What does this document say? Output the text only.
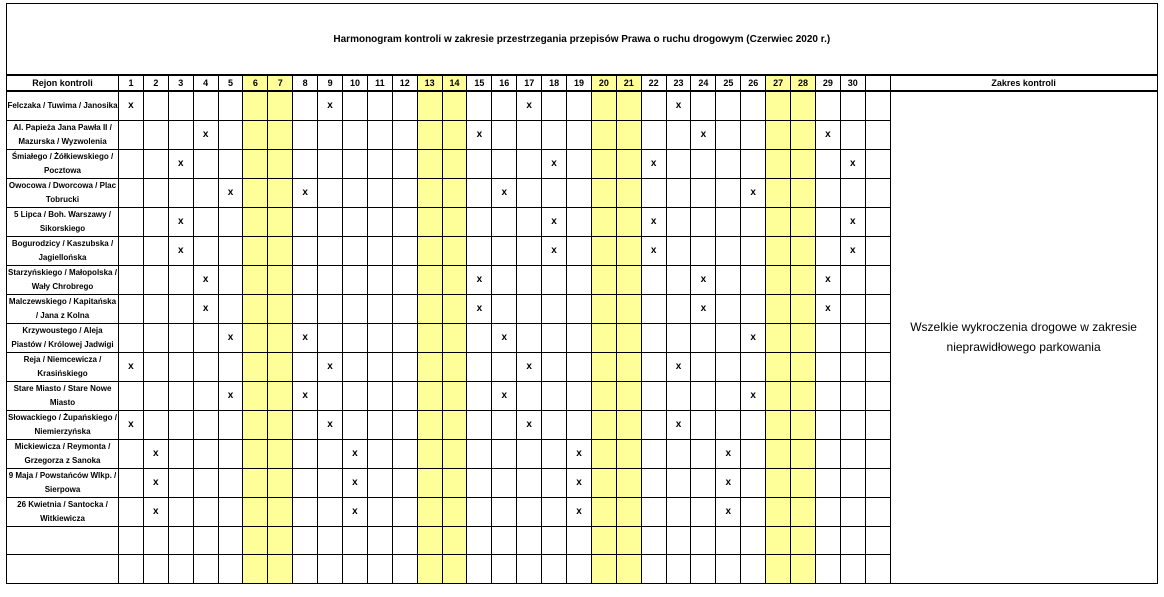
Harmonogram kontroli w zakresie przestrzegania przepisów Prawa o ruchu drogowym (Czerwiec 2020 r.)																																
Rejon kontroli	1	2	3	4	5	6	7	8	9	10	11	12	13	14	15	16	17	18	19	20	21	22	23	24	25	26	27	28	29	30		Zakres kontroli
Felczaka / Tuwima / Janosika	x								x								x						x									Wszelkie wykroczenia drogowe w zakresie nieprawidłowego parkowania
Al. Papieża Jana Pawła II / Mazurska / Wyzwolenia				x											x									x					x			
Śmiałego / Żółkiewskiego / Pocztowa			x															x				x								x		
Owocowa / Dworcowa / Plac Tobrucki					x			x								x										x						
5 Lipca / Boh. Warszawy / Sikorskiego			x															x				x								x		
Bogurodzicy / Kaszubska / Jagiellońska			x															x				x								x		
Starzyńskiego / Małopolska / Wały Chrobrego				x											x									x					x			
Malczewskiego / Kapitańska / Jana z Kolna				x											x									x					x			
Krzywoustego / Aleja Piastów / Królowej Jadwigi					x			x								x										x						
Reja / Niemcewicza / Krasińskiego	x								x								x						x									
Stare Miasto / Stare Nowe Miasto					x			x								x										x						
Słowackiego / Żupańskiego / Niemierzyńska	x								x								x						x									
Mickiewicza / Reymonta / Grzegorza z Sanoka		x								x									x						x							
9 Maja / Powstańców Wlkp. / Sierpowa		x								x									x						x							
26 Kwietnia / Santocka / Witkiewicza		x								x									x						x							
